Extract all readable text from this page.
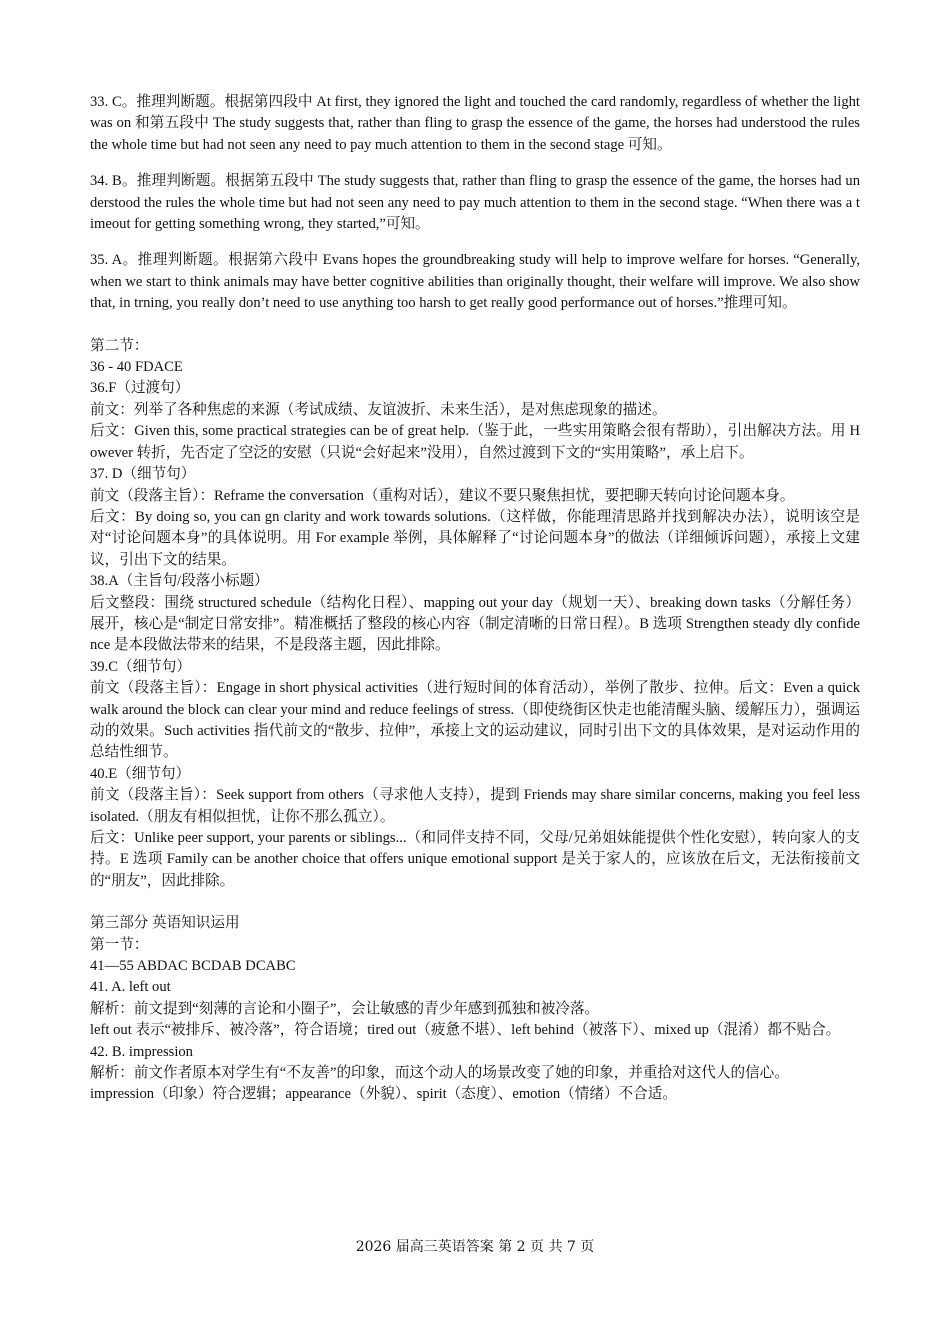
33. C。推理判断题。根据第四段中 At first, they ignored the light and touched the card randomly, regardless of whether the light was on 和第五段中 The study suggests that, rather than fling to grasp the essence of the game, the horses had understood the rules the whole time but had not seen any need to pay much attention to them in the second stage 可知。

34. B。推理判断题。根据第五段中 The study suggests that, rather than fling to grasp the essence of the game, the horses had understood the rules the whole time but had not seen any need to pay much attention to them in the second stage. “When there was a timeout for getting something wrong, they started,”可知。

35. A。推理判断题。根据第六段中 Evans hopes the groundbreaking study will help to improve welfare for horses. “Generally, when we start to think animals may have better cognitive abilities than originally thought, their welfare will improve. We also show that, in trning, you really don’t need to use anything too harsh to get really good performance out of horses.”推理可知。

第二节：

36 - 40 FDACE

36.F（过渡句）

前文：列举了各种焦虑的来源（考试成绩、友谊波折、未来生活），是对焦虑现象的描述。

后文：Given this, some practical strategies can be of great help.（鉴于此，一些实用策略会很有帮助），引出解决方法。用 However 转折，先否定了空泛的安慰（只说“会好起来”没用），自然过渡到下文的“实用策略”，承上启下。

37. D（细节句）

前文（段落主旨）：Reframe the conversation（重构对话），建议不要只聚焦担忧，要把聊天转向讨论问题本身。

后文：By doing so, you can gn clarity and work towards solutions.（这样做，你能理清思路并找到解决办法），说明该空是对“讨论问题本身”的具体说明。用 For example 举例，具体解释了“讨论问题本身”的做法（详细倾诉问题），承接上文建议，引出下文的结果。

38.A（主旨句/段落小标题）

后文整段：围绕 structured schedule（结构化日程）、mapping out your day（规划一天）、breaking down tasks（分解任务）展开，核心是“制定日常安排”。精准概括了整段的核心内容（制定清晰的日常日程）。B 选项 Strengthen steady dly confidence 是本段做法带来的结果，不是段落主题，因此排除。

39.C（细节句）

前文（段落主旨）：Engage in short physical activities（进行短时间的体育活动），举例了散步、拉伸。后文：Even a quick walk around the block can clear your mind and reduce feelings of stress.（即使绕街区快走也能清醒头脑、缓解压力），强调运动的效果。Such activities 指代前文的“散步、拉伸”，承接上文的运动建议，同时引出下文的具体效果，是对运动作用的总结性细节。

40.E（细节句）

前文（段落主旨）：Seek support from others（寻求他人支持），提到 Friends may share similar concerns, making you feel less isolated.（朋友有相似担忧，让你不那么孤立）。

后文：Unlike peer support, your parents or siblings...（和同伴支持不同，父母/兄弟姐妹能提供个性化安慰），转向家人的支持。E 选项 Family can be another choice that offers unique emotional support 是关于家人的，应该放在后文，无法衔接前文的“朋友”，因此排除。

第三部分 英语知识运用

第一节：

41—55 ABDAC BCDAB DCABC

41. A. left out

解析：前文提到“刻薄的言论和小圈子”，会让敏感的青少年感到孤独和被冷落。

left out 表示“被排斥、被冷落”，符合语境；tired out（疲惫不堪）、left behind（被落下）、mixed up（混淆）都不贴合。

42. B. impression

解析：前文作者原本对学生有“不友善”的印象，而这个动人的场景改变了她的印象，并重拾对这代人的信心。

impression（印象）符合逻辑；appearance（外貌）、spirit（态度）、emotion（情绪）不合适。

2026 届高三英语答案 第 2 页 共 7 页
